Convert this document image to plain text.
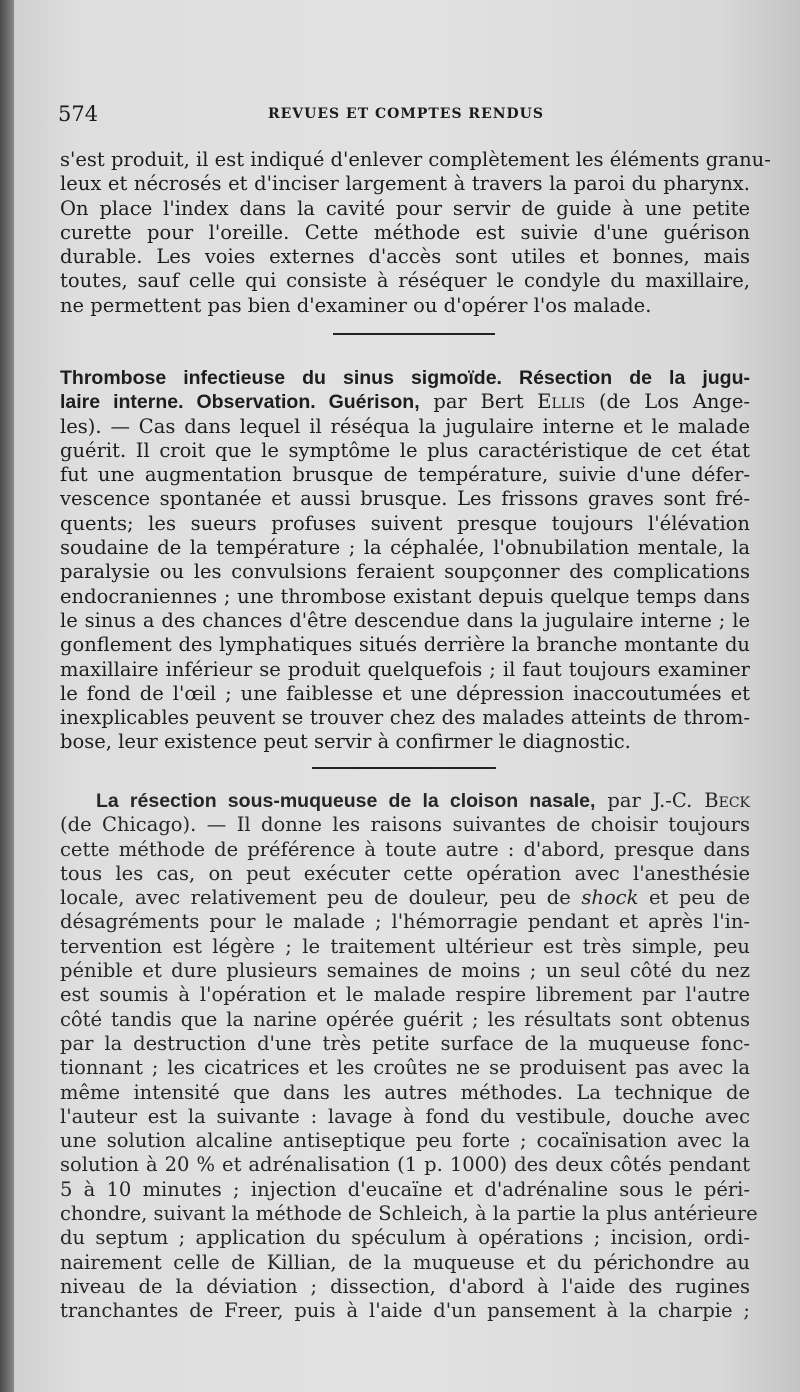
574	REVUES ET COMPTES RENDUS
s'est produit, il est indiqué d'enlever complètement les éléments granu-
leux et nécrosés et d'inciser largement à travers la paroi du pharynx.
On place l'index dans la cavité pour servir de guide à une petite
curette pour l'oreille. Cette méthode est suivie d'une guérison
durable. Les voies externes d'accès sont utiles et bonnes, mais
toutes, sauf celle qui consiste à réséquer le condyle du maxillaire,
ne permettent pas bien d'examiner ou d'opérer l'os malade.
Thrombose infectieuse du sinus sigmoïde. Résection de la jugu-
laire interne. Observation. Guérison, par Bert Ellis (de Los Ange-
les). — Cas dans lequel il réséqua la jugulaire interne et le malade
guérit. Il croit que le symptôme le plus caractéristique de cet état
fut une augmentation brusque de température, suivie d'une défer-
vescence spontanée et aussi brusque. Les frissons graves sont fré-
quents; les sueurs profuses suivent presque toujours l'élévation
soudaine de la température ; la céphalée, l'obnubilation mentale, la
paralysie ou les convulsions feraient soupçonner des complications
endocraniennes ; une thrombose existant depuis quelque temps dans
le sinus a des chances d'être descendue dans la jugulaire interne ; le
gonflement des lymphatiques situés derrière la branche montante du
maxillaire inférieur se produit quelquefois ; il faut toujours examiner
le fond de l'œil ; une faiblesse et une dépression inaccoutumées et
inexplicables peuvent se trouver chez des malades atteints de throm-
bose, leur existence peut servir à confirmer le diagnostic.
La résection sous-muqueuse de la cloison nasale, par J.-C. Beck
(de Chicago). — Il donne les raisons suivantes de choisir toujours
cette méthode de préférence à toute autre : d'abord, presque dans
tous les cas, on peut exécuter cette opération avec l'anesthésie
locale, avec relativement peu de douleur, peu de shock et peu de
désagréments pour le malade ; l'hémorragie pendant et après l'in-
tervention est légère ; le traitement ultérieur est très simple, peu
pénible et dure plusieurs semaines de moins ; un seul côté du nez
est soumis à l'opération et le malade respire librement par l'autre
côté tandis que la narine opérée guérit ; les résultats sont obtenus
par la destruction d'une très petite surface de la muqueuse fonc-
tionnant ; les cicatrices et les croûtes ne se produisent pas avec la
même intensité que dans les autres méthodes. La technique de
l'auteur est la suivante : lavage à fond du vestibule, douche avec
une solution alcaline antiseptique peu forte ; cocaïnisation avec la
solution à 20 % et adrénalisation (1 p. 1000) des deux côtés pendant
5 à 10 minutes ; injection d'eucaïne et d'adrénaline sous le péri-
chondre, suivant la méthode de Schleich, à la partie la plus antérieure
du septum ; application du spéculum à opérations ; incision, ordi-
nairement celle de Killian, de la muqueuse et du périchondre au
niveau de la déviation ; dissection, d'abord à l'aide des rugines
tranchantes de Freer, puis à l'aide d'un pansement à la charpie ;
